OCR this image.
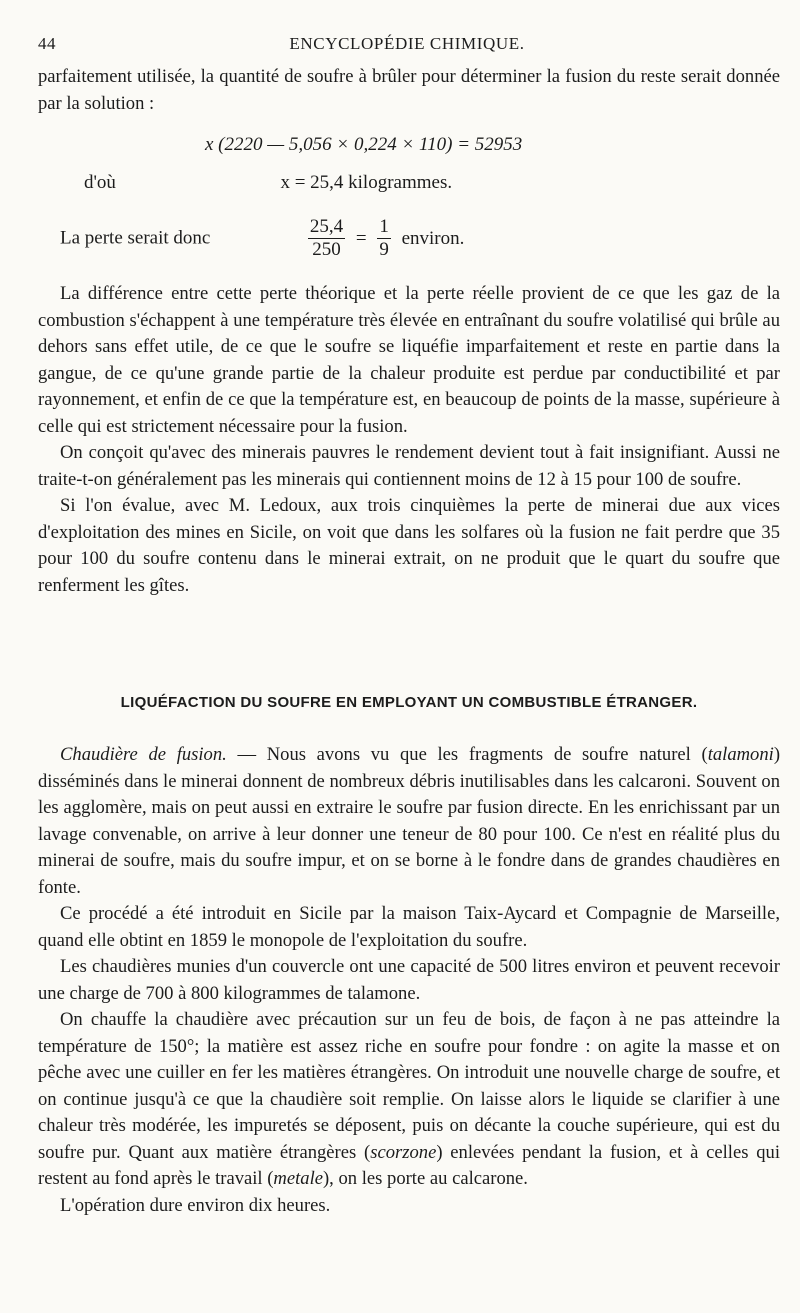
44	ENCYCLOPÉDIE CHIMIQUE.

parfaitement utilisée, la quantité de soufre à brûler pour déterminer la fusion du reste serait donnée par la solution :

x (2220 — 5,056 × 0,224 × 110) = 52953
d'où	x = 25,4 kilogrammes.
La perte serait donc	$\frac{25,4}{250} = \frac{1}{9}$ environ.

La différence entre cette perte théorique et la perte réelle provient de ce que les gaz de la combustion s'échappent à une température très élevée en entraînant du soufre volatilisé qui brûle au dehors sans effet utile, de ce que le soufre se liquéfie imparfaitement et reste en partie dans la gangue, de ce qu'une grande partie de la chaleur produite est perdue par conductibilité et par rayonnement, et enfin de ce que la température est, en beaucoup de points de la masse, supérieure à celle qui est strictement nécessaire pour la fusion.

On conçoit qu'avec des minerais pauvres le rendement devient tout à fait insignifiant. Aussi ne traite-t-on généralement pas les minerais qui contiennent moins de 12 à 15 pour 100 de soufre.

Si l'on évalue, avec M. Ledoux, aux trois cinquièmes la perte de minerai due aux vices d'exploitation des mines en Sicile, on voit que dans les solfares où la fusion ne fait perdre que 35 pour 100 du soufre contenu dans le minerai extrait, on ne produit que le quart du soufre que renferment les gîtes.

LIQUÉFACTION DU SOUFRE EN EMPLOYANT UN COMBUSTIBLE ÉTRANGER.

Chaudière de fusion. — Nous avons vu que les fragments de soufre naturel (talamoni) disséminés dans le minerai donnent de nombreux débris inutilisables dans les calcaroni. Souvent on les agglomère, mais on peut aussi en extraire le soufre par fusion directe. En les enrichissant par un lavage convenable, on arrive à leur donner une teneur de 80 pour 100. Ce n'est en réalité plus du minerai de soufre, mais du soufre impur, et on se borne à le fondre dans de grandes chaudières en fonte.

Ce procédé a été introduit en Sicile par la maison Taix-Aycard et Compagnie de Marseille, quand elle obtint en 1859 le monopole de l'exploitation du soufre.

Les chaudières munies d'un couvercle ont une capacité de 500 litres environ et peuvent recevoir une charge de 700 à 800 kilogrammes de talamone.

On chauffe la chaudière avec précaution sur un feu de bois, de façon à ne pas atteindre la température de 150°; la matière est assez riche en soufre pour fondre : on agite la masse et on pêche avec une cuiller en fer les matières étrangères. On introduit une nouvelle charge de soufre, et on continue jusqu'à ce que la chaudière soit remplie. On laisse alors le liquide se clarifier à une chaleur très modérée, les impuretés se déposent, puis on décante la couche supérieure, qui est du soufre pur. Quant aux matière étrangères (scorzone) enlevées pendant la fusion, et à celles qui restent au fond après le travail (metale), on les porte au calcarone.

L'opération dure environ dix heures.
